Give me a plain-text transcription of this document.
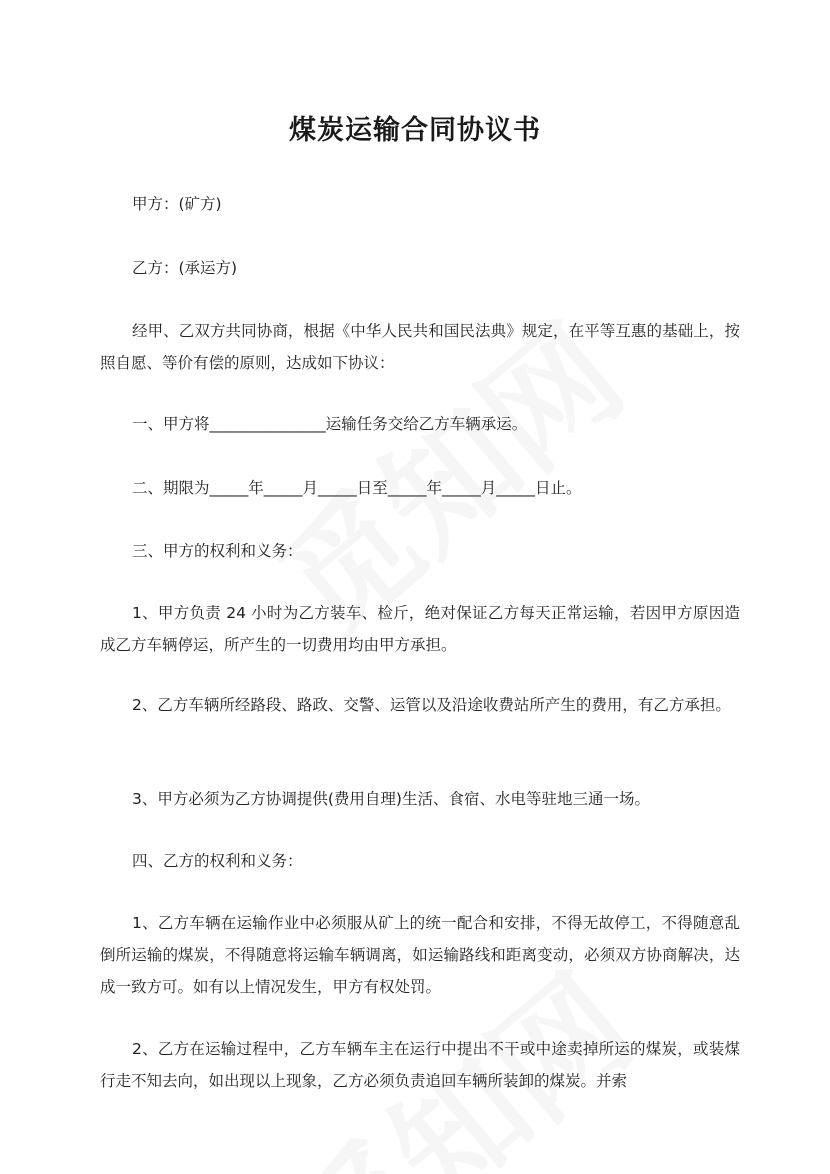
煤炭运输合同协议书

甲方：(矿方)

乙方：(承运方)

经甲、乙双方共同协商，根据《中华人民共和国民法典》规定，在平等互惠的基础上，按照自愿、等价有偿的原则，达成如下协议：

一、甲方将_______________运输任务交给乙方车辆承运。

二、期限为_____年_____月_____日至_____年_____月_____日止。

三、甲方的权利和义务：

1、甲方负责 24 小时为乙方装车、检斤，绝对保证乙方每天正常运输，若因甲方原因造成乙方车辆停运，所产生的一切费用均由甲方承担。

2、乙方车辆所经路段、路政、交警、运管以及沿途收费站所产生的费用，有乙方承担。

3、甲方必须为乙方协调提供(费用自理)生活、食宿、水电等驻地三通一场。

四、乙方的权利和义务：

1、乙方车辆在运输作业中必须服从矿上的统一配合和安排，不得无故停工，不得随意乱倒所运输的煤炭，不得随意将运输车辆调离，如运输路线和距离变动，必须双方协商解决，达成一致方可。如有以上情况发生，甲方有权处罚。

2、乙方在运输过程中，乙方车辆车主在运行中提出不干或中途卖掉所运的煤炭，或装煤行走不知去向，如出现以上现象，乙方必须负责追回车辆所装卸的煤炭。并索
